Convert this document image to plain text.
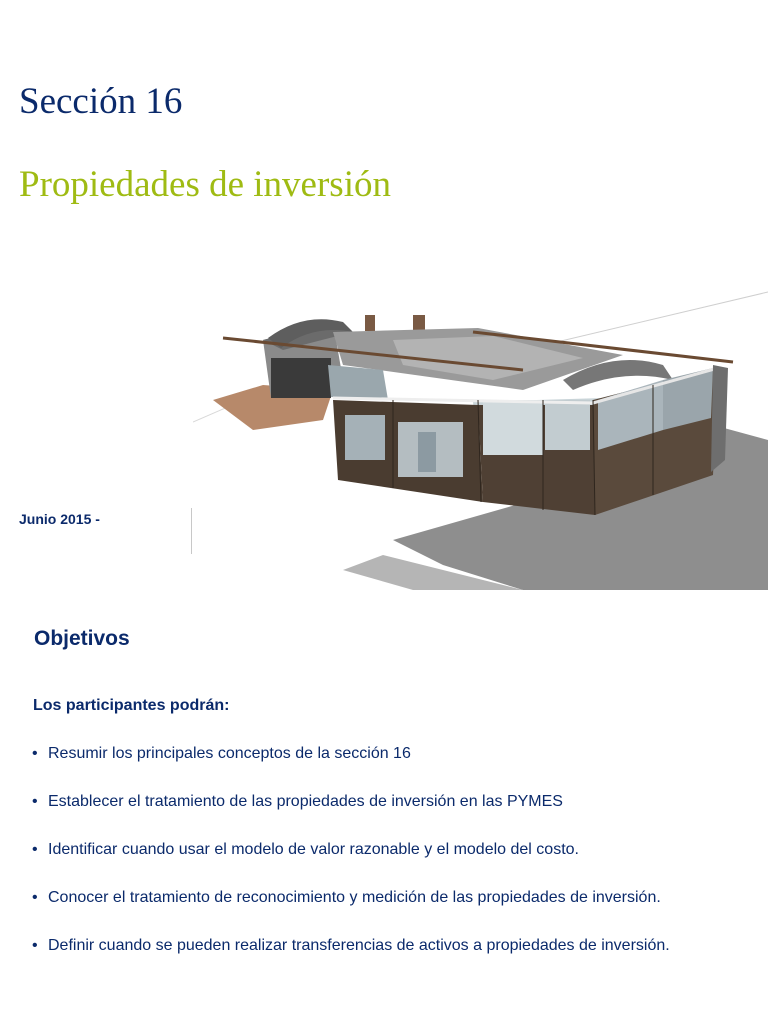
Sección 16
Propiedades de inversión
Junio 2015 -
Objetivos
Los participantes podrán:
• Resumir los principales conceptos de la sección 16
• Establecer el tratamiento de las propiedades de inversión en las PYMES
• Identificar cuando usar el modelo de valor razonable y el modelo del costo.
• Conocer el tratamiento de reconocimiento y medición de las propiedades de inversión.
• Definir cuando se pueden realizar transferencias de activos a propiedades de inversión.
